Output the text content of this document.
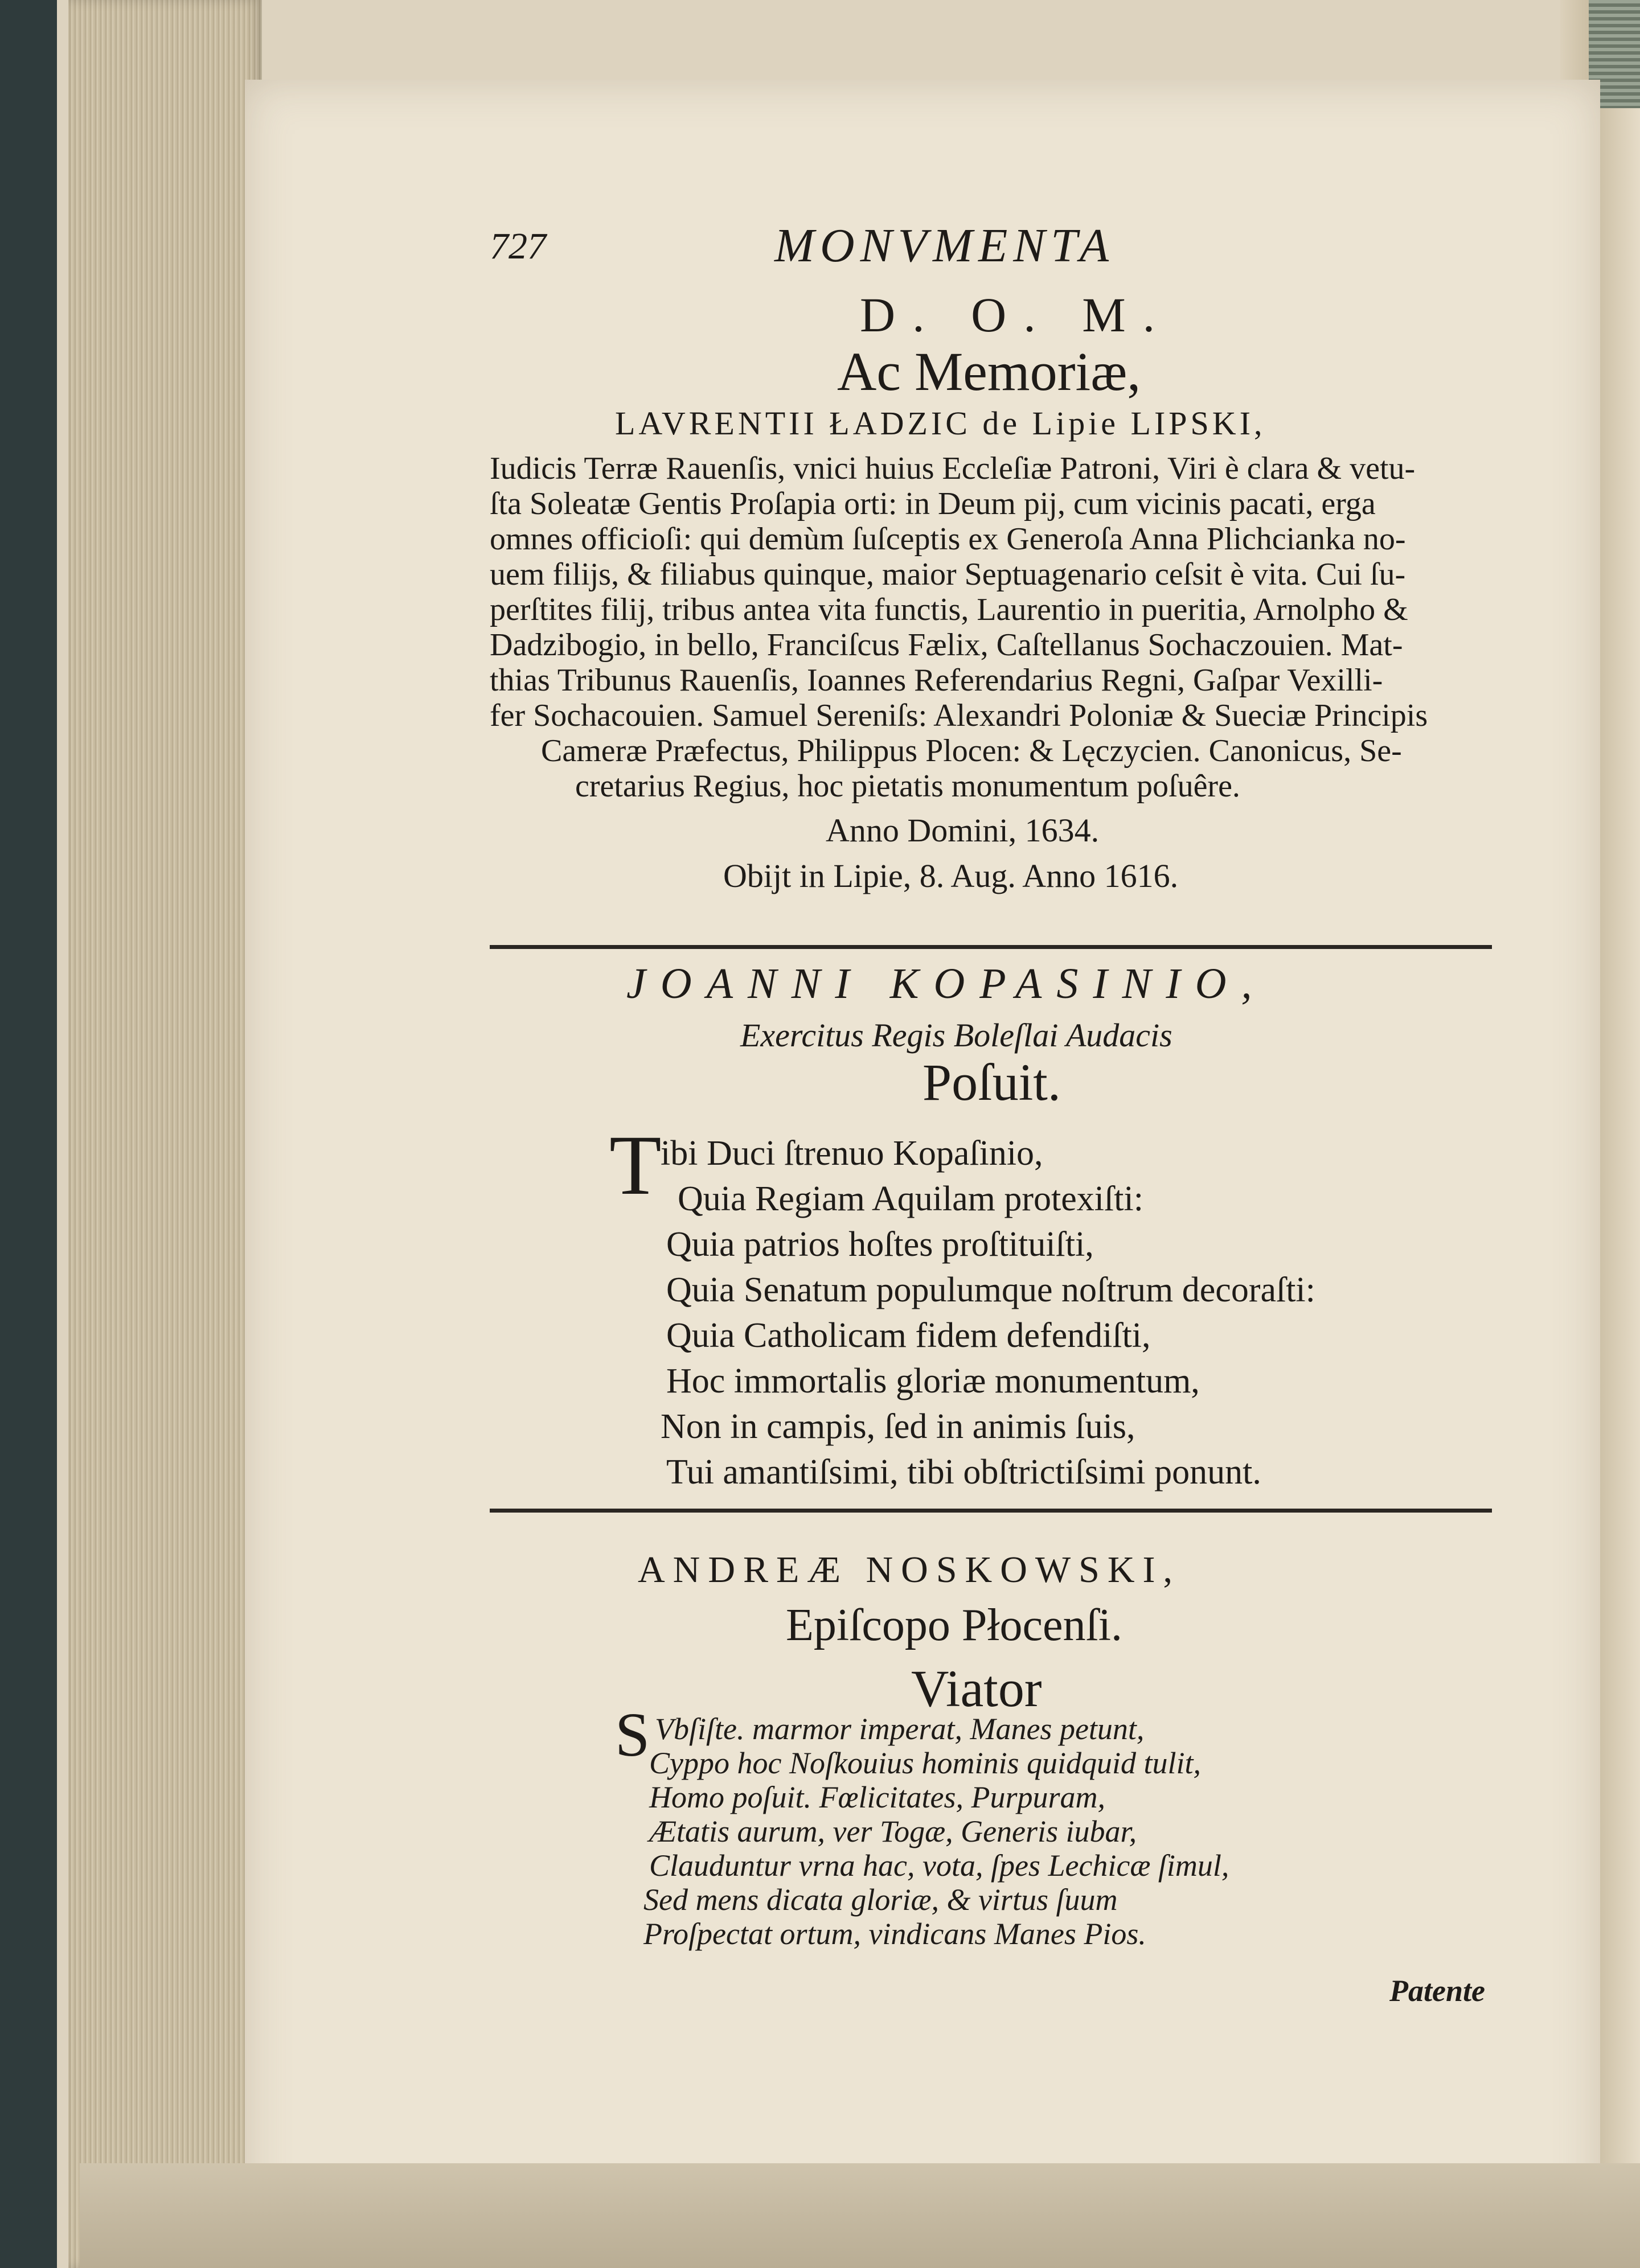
727	MONVMENTA
D. O. M.
Ac Memoriæ,
LAVRENTII ŁADZIC de Lipie LIPSKI,
Iudicis Terræ Rauenſis, vnici huius Eccleſiæ Patroni, Viri è clara & vetu-
ſta Soleatæ Gentis Proſapia orti: in Deum pij, cum vicinis pacati, erga
omnes officioſi: qui demùm ſuſceptis ex Generoſa Anna Plichcianka no-
uem filijs, & filiabus quinque, maior Septuagenario ceſsit è vita. Cui ſu-
perſtites filij, tribus antea vita functis, Laurentio in pueritia, Arnolpho &
Dadzibogio, in bello, Franciſcus Fælix, Caſtellanus Sochaczouien. Mat-
thias Tribunus Rauenſis, Ioannes Referendarius Regni, Gaſpar Vexilli-
fer Sochacouien. Samuel Sereniſs: Alexandri Poloniæ & Sueciæ Principis
Cameræ Præfectus, Philippus Plocen: & Lęczycien. Canonicus, Se-
cretarius Regius, hoc pietatis monumentum poſuêre.
Anno Domini, 1634.
Obijt in Lipie, 8. Aug. Anno 1616.
JOANNI KOPASINIO,
Exercitus Regis Boleſlai Audacis
Poſuit.
T
ibi Duci ſtrenuo Kopaſinio,
Quia Regiam Aquilam protexiſti:
Quia patrios hoſtes proſtituiſti,
Quia Senatum populumque noſtrum decoraſti:
Quia Catholicam fidem defendiſti,
Hoc immortalis gloriæ monumentum,
Non in campis, ſed in animis ſuis,
Tui amantiſsimi, tibi obſtrictiſsimi ponunt.
ANDREÆ NOSKOWSKI,
Epiſcopo Płocenſi.
Viator
S Vbſiſte. marmor imperat, Manes petunt,
Cyppo hoc Noſkouius hominis quidquid tulit,
Homo poſuit. Fœlicitates, Purpuram,
Ætatis aurum, ver Togæ, Generis iubar,
Clauduntur vrna hac, vota, ſpes Lechicæ ſimul,
Sed mens dicata gloriæ, & virtus ſuum
Proſpectat ortum, vindicans Manes Pios.
Patente
